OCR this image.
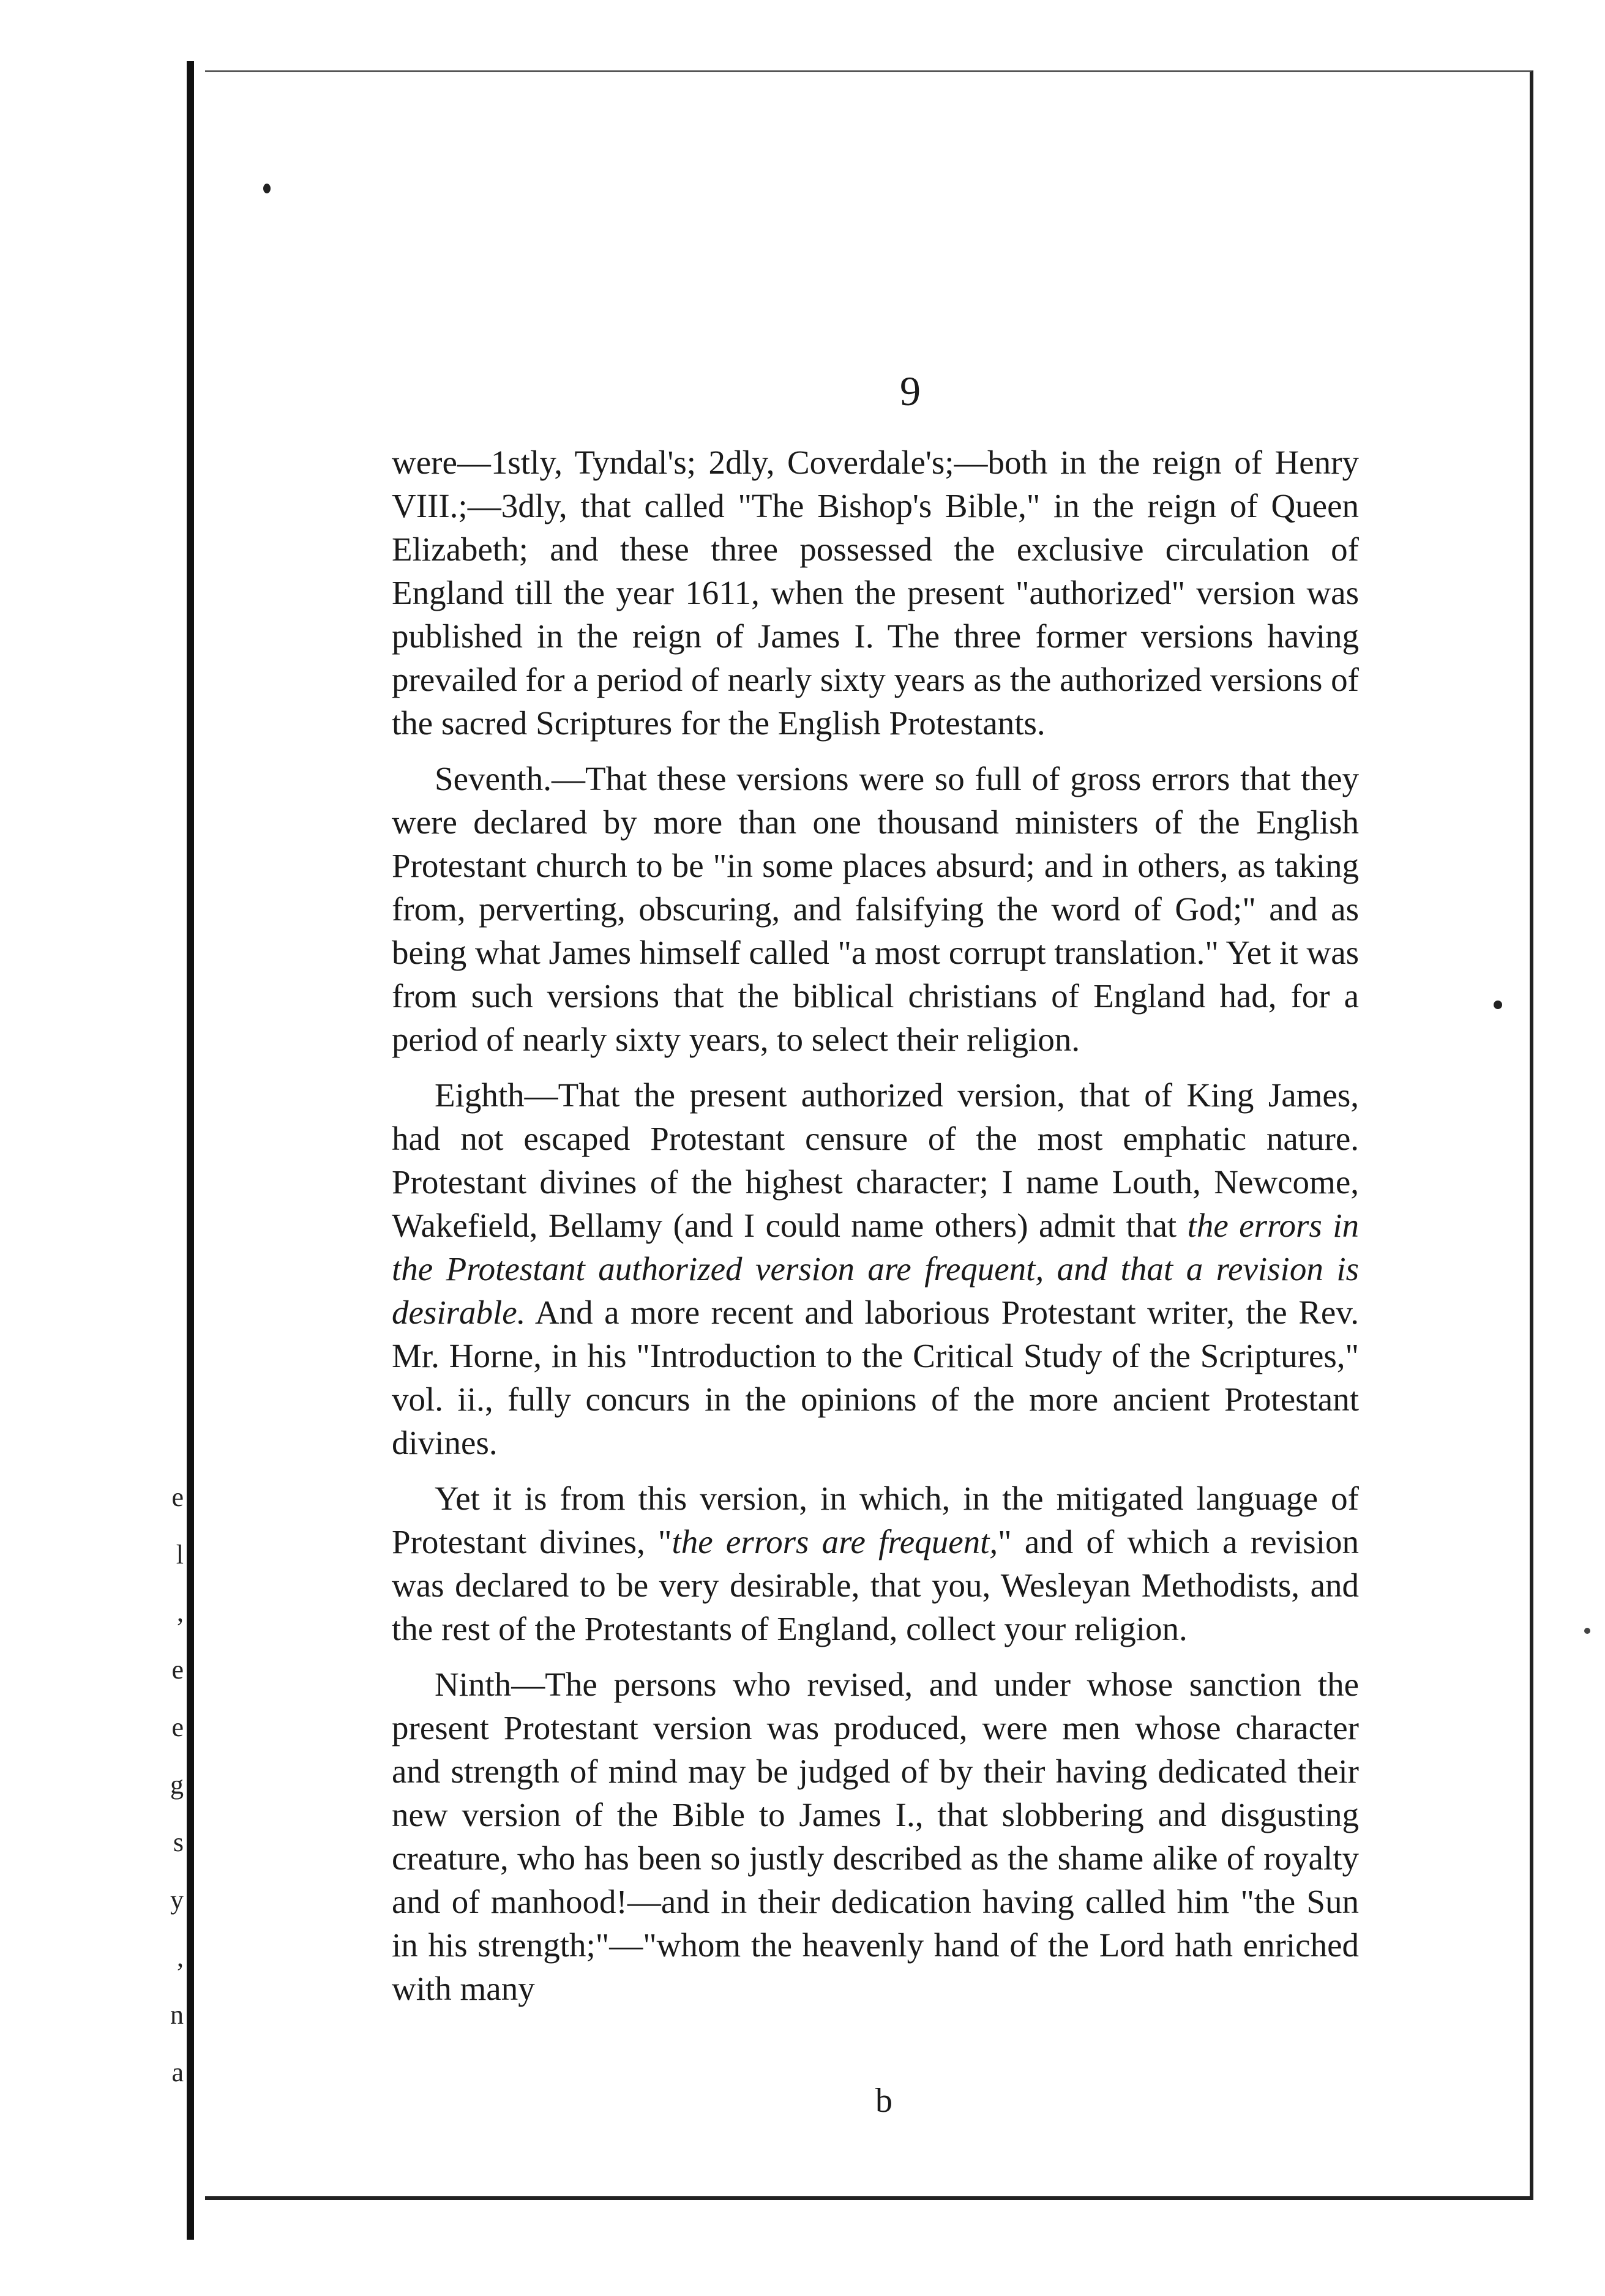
e
l
,
e
e
g
s
y
,
n
a
9

were—1stly, Tyndal's; 2dly, Coverdale's;—both in the reign of Henry VIII.;—3dly, that called "The Bishop's Bible," in the reign of Queen Elizabeth; and these three possessed the exclusive circulation of England till the year 1611, when the present "authorized" version was published in the reign of James I. The three former versions having prevailed for a period of nearly sixty years as the authorized versions of the sacred Scriptures for the English Protestants.

Seventh.—That these versions were so full of gross errors that they were declared by more than one thousand ministers of the English Protestant church to be "in some places absurd; and in others, as taking from, perverting, obscuring, and falsifying the word of God;" and as being what James himself called "a most corrupt translation." Yet it was from such versions that the biblical christians of England had, for a period of nearly sixty years, to select their religion.

Eighth—That the present authorized version, that of King James, had not escaped Protestant censure of the most emphatic nature. Protestant divines of the highest character; I name Louth, Newcome, Wakefield, Bellamy (and I could name others) admit that the errors in the Protestant authorized version are frequent, and that a revision is desirable. And a more recent and laborious Protestant writer, the Rev. Mr. Horne, in his "Introduction to the Critical Study of the Scriptures," vol. ii., fully concurs in the opinions of the more ancient Protestant divines.

Yet it is from this version, in which, in the mitigated language of Protestant divines, "the errors are frequent," and of which a revision was declared to be very desirable, that you, Wesleyan Methodists, and the rest of the Protestants of England, collect your religion.

Ninth—The persons who revised, and under whose sanction the present Protestant version was produced, were men whose character and strength of mind may be judged of by their having dedicated their new version of the Bible to James I., that slobbering and disgusting creature, who has been so justly described as the shame alike of royalty and of manhood!—and in their dedication having called him "the Sun in his strength;"—"whom the heavenly hand of the Lord hath enriched with many

b
